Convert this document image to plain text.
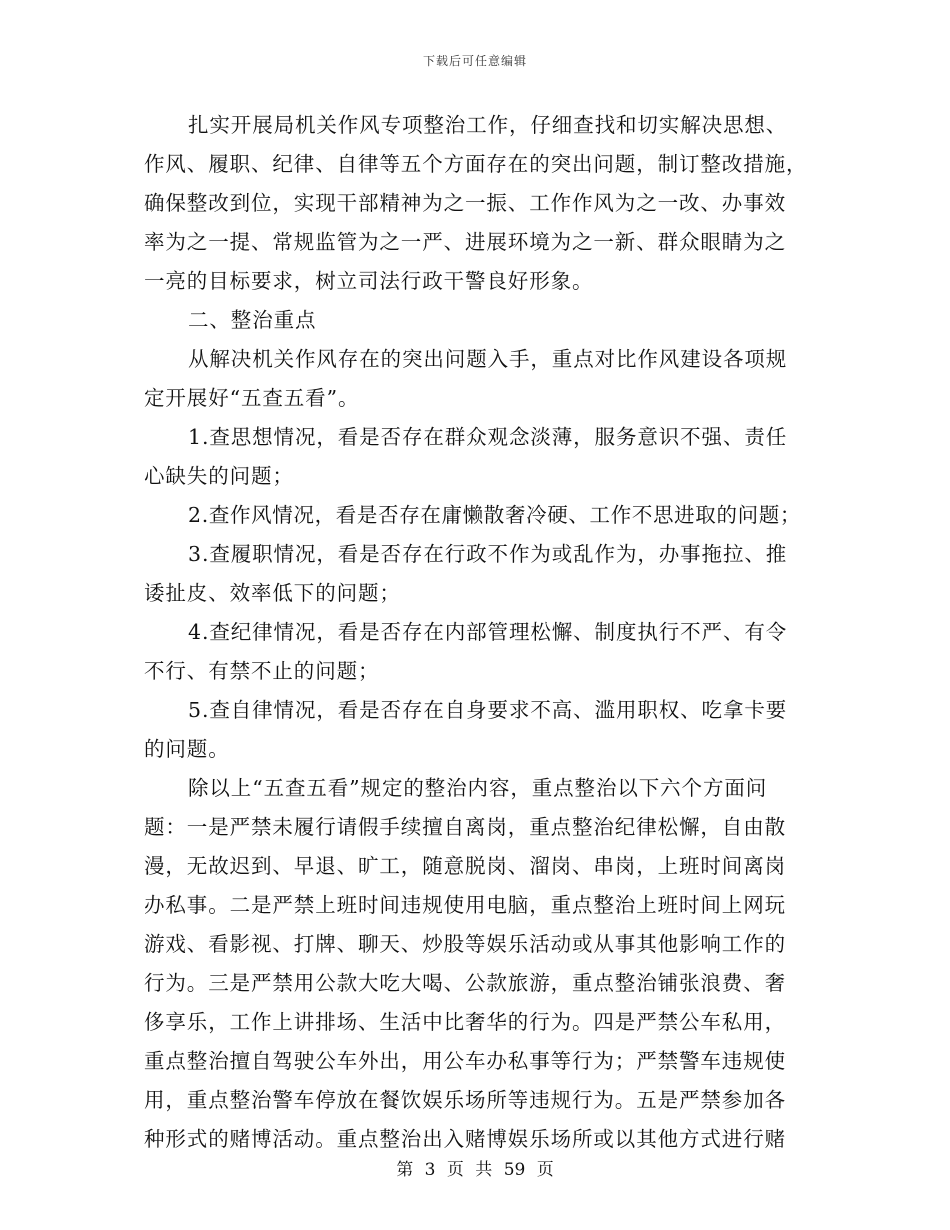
下载后可任意编辑
扎实开展局机关作风专项整治工作，仔细查找和切实解决思想、
作风、履职、纪律、自律等五个方面存在的突出问题，制订整改措施，
确保整改到位，实现干部精神为之一振、工作作风为之一改、办事效
率为之一提、常规监管为之一严、进展环境为之一新、群众眼睛为之
一亮的目标要求，树立司法行政干警良好形象。
二、整治重点
从解决机关作风存在的突出问题入手，重点对比作风建设各项规
定开展好“五查五看”。
1.查思想情况，看是否存在群众观念淡薄，服务意识不强、责任
心缺失的问题；
2.查作风情况，看是否存在庸懒散奢冷硬、工作不思进取的问题；
3.查履职情况，看是否存在行政不作为或乱作为，办事拖拉、推
诿扯皮、效率低下的问题；
4.查纪律情况，看是否存在内部管理松懈、制度执行不严、有令
不行、有禁不止的问题；
5.查自律情况，看是否存在自身要求不高、滥用职权、吃拿卡要
的问题。
除以上“五查五看”规定的整治内容，重点整治以下六个方面问
题：一是严禁未履行请假手续擅自离岗，重点整治纪律松懈，自由散
漫，无故迟到、早退、旷工，随意脱岗、溜岗、串岗，上班时间离岗
办私事。二是严禁上班时间违规使用电脑，重点整治上班时间上网玩
游戏、看影视、打牌、聊天、炒股等娱乐活动或从事其他影响工作的
行为。三是严禁用公款大吃大喝、公款旅游，重点整治铺张浪费、奢
侈享乐，工作上讲排场、生活中比奢华的行为。四是严禁公车私用，
重点整治擅自驾驶公车外出，用公车办私事等行为；严禁警车违规使
用，重点整治警车停放在餐饮娱乐场所等违规行为。五是严禁参加各
种形式的赌博活动。重点整治出入赌博娱乐场所或以其他方式进行赌
第 3 页 共 59 页
